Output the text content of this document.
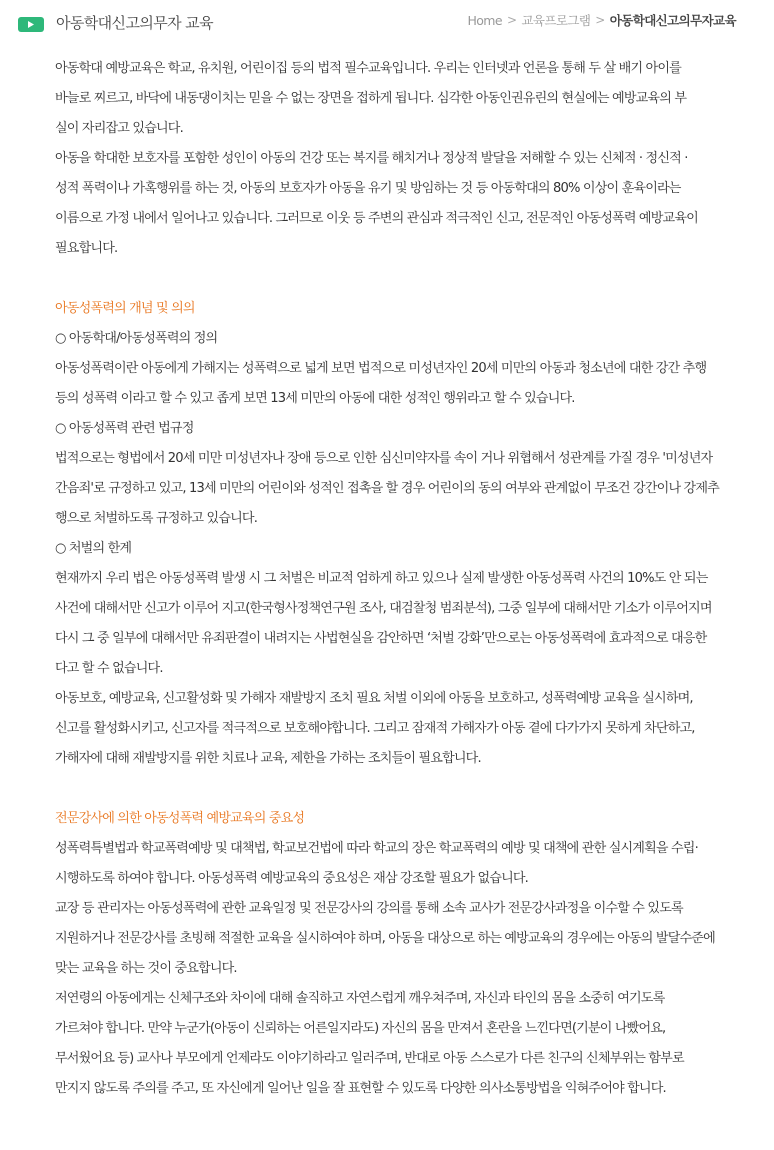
아동학대신고의무자 교육	Home > 교육프로그램 > 아동학대신고의무자교육
아동학대 예방교육은 학교, 유치원, 어린이집 등의 법적 필수교육입니다. 우리는 인터넷과 언론을 통해 두 살 배기 아이를
바늘로 찌르고, 바닥에 내동댕이치는 믿을 수 없는 장면을 접하게 됩니다. 심각한 아동인권유린의 현실에는 예방교육의 부
실이 자리잡고 있습니다.
아동을 학대한 보호자를 포함한 성인이 아동의 건강 또는 복지를 해치거나 정상적 발달을 저해할 수 있는 신체적 · 정신적 ·
성적 폭력이나 가혹행위를 하는 것, 아동의 보호자가 아동을 유기 및 방임하는 것 등 아동학대의 80% 이상이 훈육이라는
이름으로 가정 내에서 일어나고 있습니다. 그러므로 이웃 등 주변의 관심과 적극적인 신고, 전문적인 아동성폭력 예방교육이
필요합니다.
아동성폭력의 개념 및 의의
○ 아동학대/아동성폭력의 정의
아동성폭력이란 아동에게 가해지는 성폭력으로 넓게 보면 법적으로 미성년자인 20세 미만의 아동과 청소년에 대한 강간 추행
등의 성폭력 이라고 할 수 있고 좁게 보면 13세 미만의 아동에 대한 성적인 행위라고 할 수 있습니다.
○ 아동성폭력 관련 법규정
법적으로는 형법에서 20세 미만 미성년자나 장애 등으로 인한 심신미약자를 속이 거나 위협해서 성관계를 가질 경우 '미성년자
간음죄'로 규정하고 있고, 13세 미만의 어린이와 성적인 접촉을 할 경우 어린이의 동의 여부와 관계없이 무조건 강간이나 강제추
행으로 처벌하도록 규정하고 있습니다.
○ 처벌의 한계
현재까지 우리 법은 아동성폭력 발생 시 그 처벌은 비교적 엄하게 하고 있으나 실제 발생한 아동성폭력 사건의 10%도 안 되는
사건에 대해서만 신고가 이루어 지고(한국형사정책연구원 조사, 대검찰청 범죄분석), 그중 일부에 대해서만 기소가 이루어지며
다시 그 중 일부에 대해서만 유죄판결이 내려지는 사법현실을 감안하면 ‘처벌 강화’만으로는 아동성폭력에 효과적으로 대응한
다고 할 수 없습니다.
아동보호, 예방교육, 신고활성화 및 가해자 재발방지 조치 필요 처벌 이외에 아동을 보호하고, 성폭력예방 교육을 실시하며,
신고를 활성화시키고, 신고자를 적극적으로 보호해야합니다. 그리고 잠재적 가해자가 아동 곁에 다가가지 못하게 차단하고,
가해자에 대해 재발방지를 위한 치료나 교육, 제한을 가하는 조치들이 필요합니다.
전문강사에 의한 아동성폭력 예방교육의 중요성
성폭력특별법과 학교폭력예방 및 대책법, 학교보건법에 따라 학교의 장은 학교폭력의 예방 및 대책에 관한 실시계획을 수립·
시행하도록 하여야 합니다. 아동성폭력 예방교육의 중요성은 재삼 강조할 필요가 없습니다.
교장 등 관리자는 아동성폭력에 관한 교육일정 및 전문강사의 강의를 통해 소속 교사가 전문강사과정을 이수할 수 있도록
지원하거나 전문강사를 초빙해 적절한 교육을 실시하여야 하며, 아동을 대상으로 하는 예방교육의 경우에는 아동의 발달수준에
맞는 교육을 하는 것이 중요합니다.
저연령의 아동에게는 신체구조와 차이에 대해 솔직하고 자연스럽게 깨우쳐주며, 자신과 타인의 몸을 소중히 여기도록
가르쳐야 합니다. 만약 누군가(아동이 신뢰하는 어른일지라도) 자신의 몸을 만져서 혼란을 느낀다면(기분이 나빴어요,
무서웠어요 등) 교사나 부모에게 언제라도 이야기하라고 일러주며, 반대로 아동 스스로가 다른 친구의 신체부위는 함부로
만지지 않도록 주의를 주고, 또 자신에게 일어난 일을 잘 표현할 수 있도록 다양한 의사소통방법을 익혀주어야 합니다.
